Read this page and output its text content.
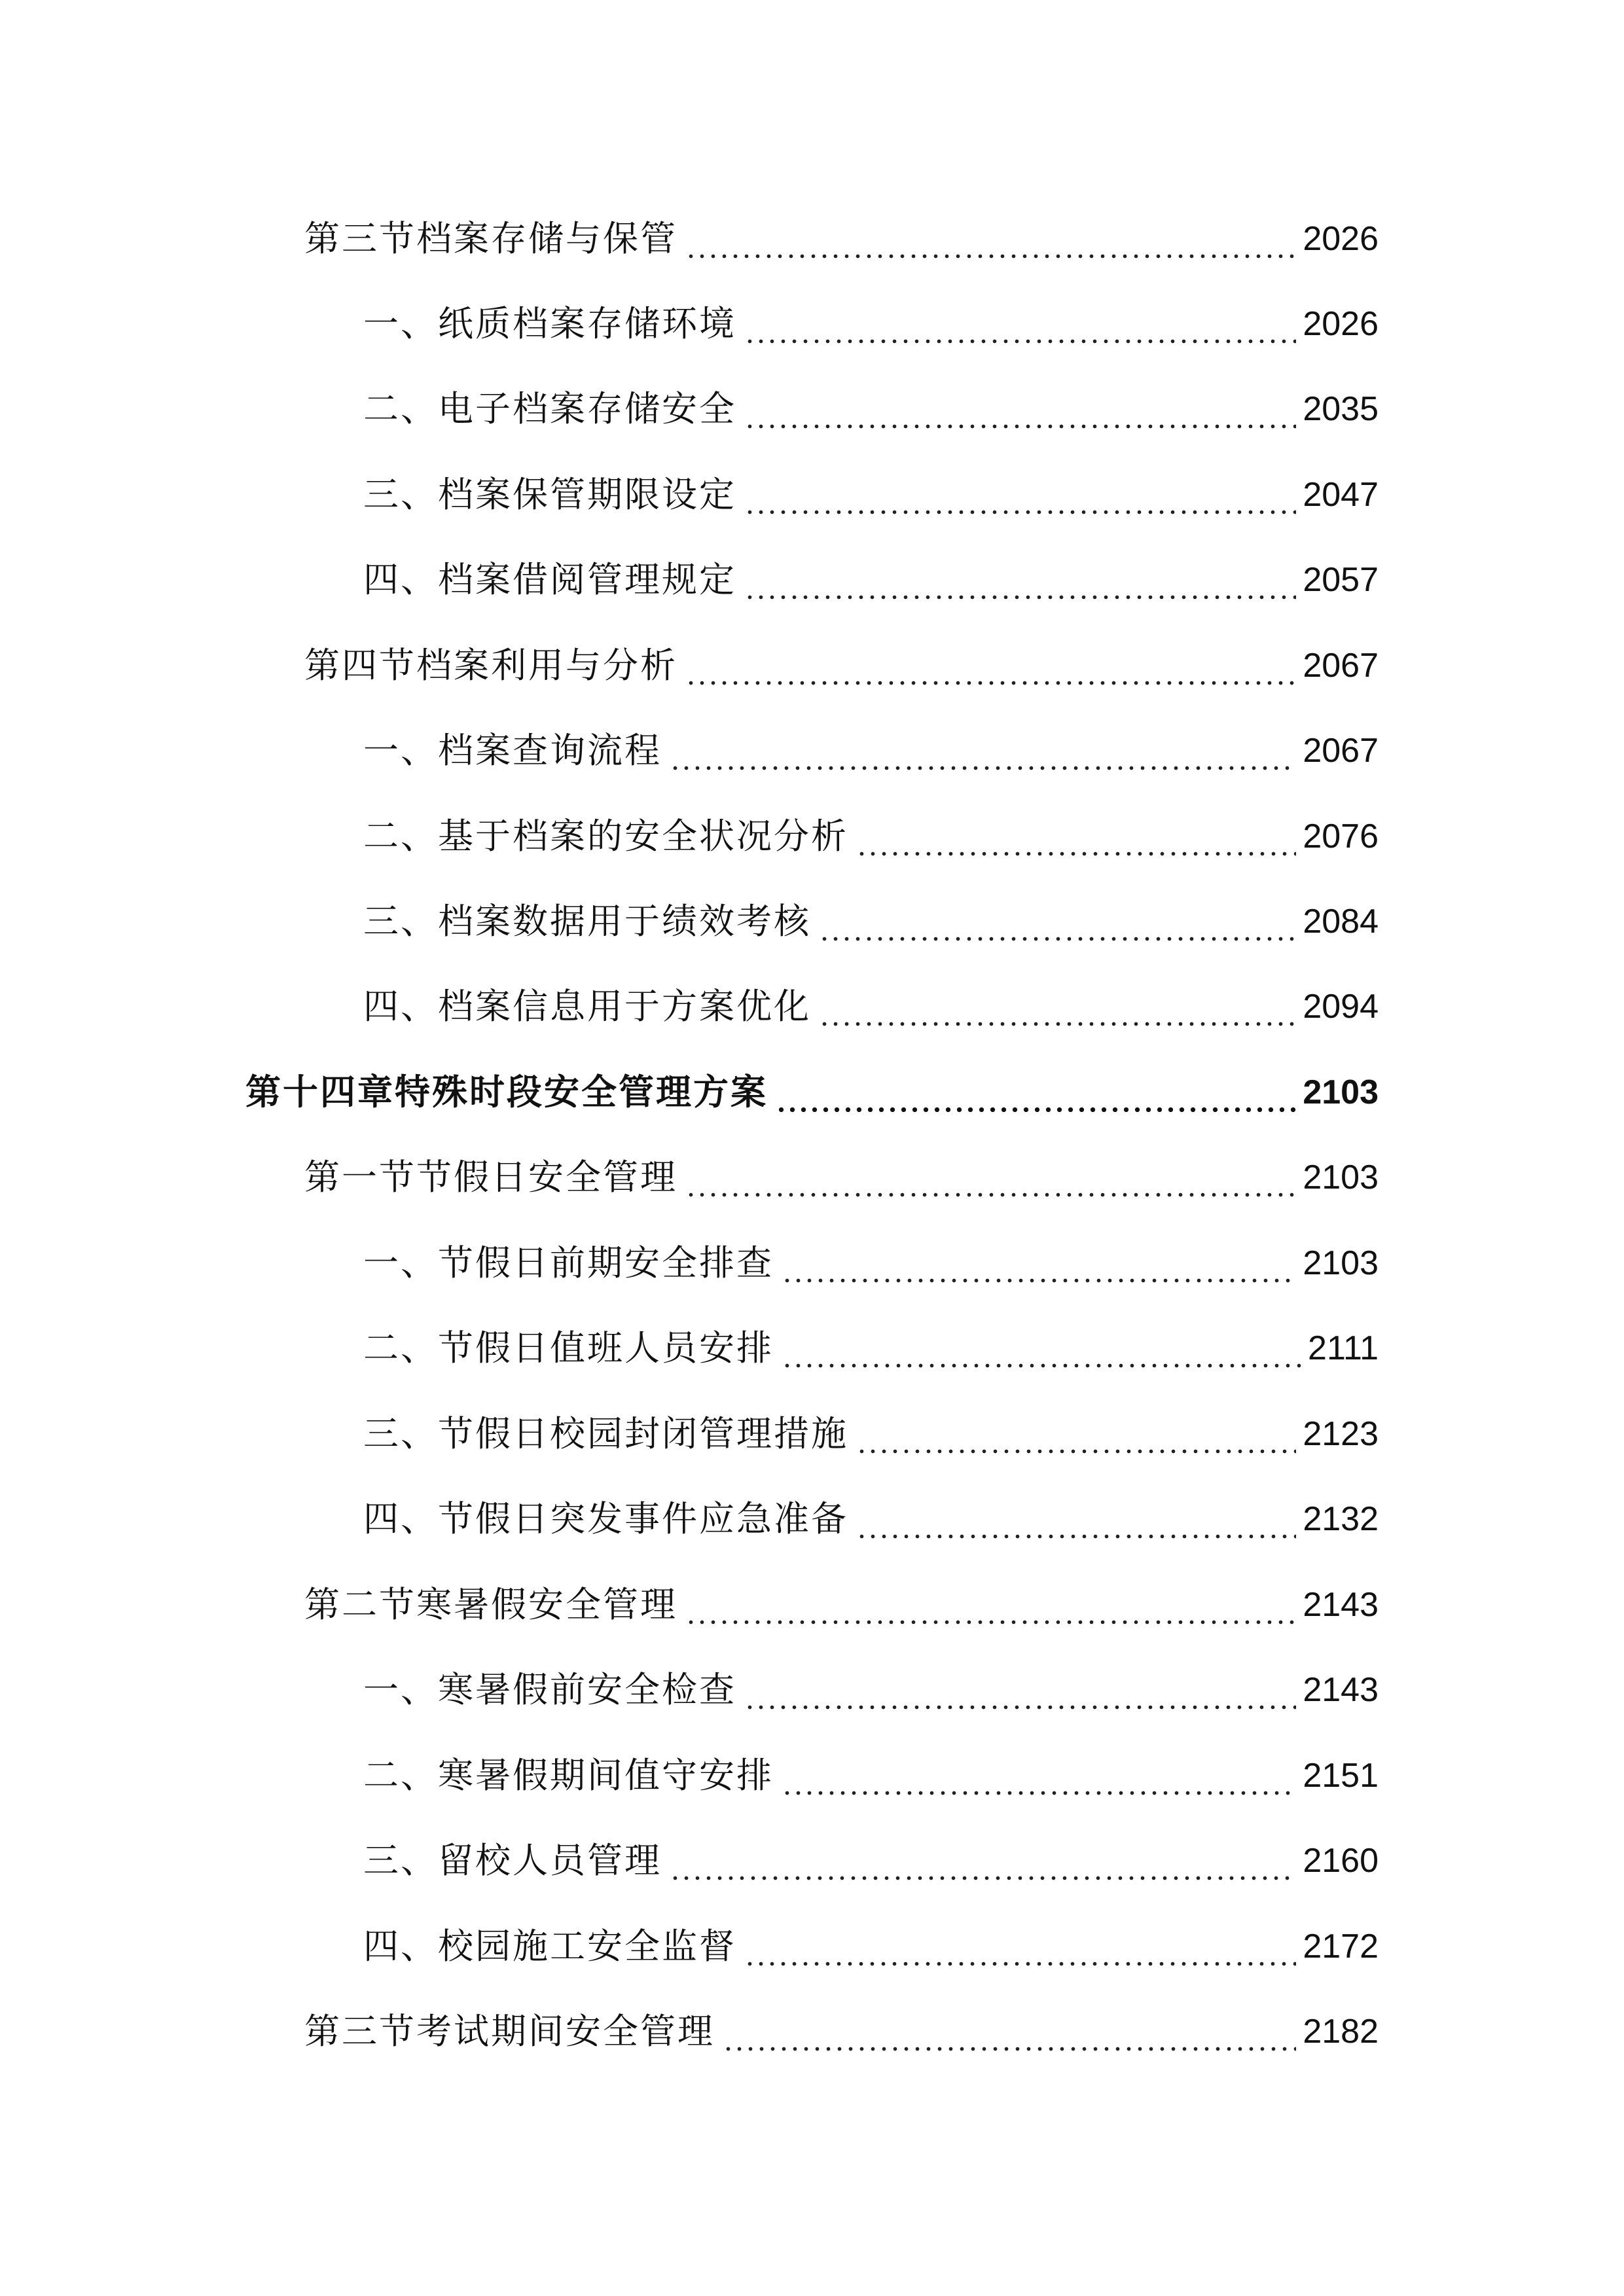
第三节档案存储与保管	2026
一、纸质档案存储环境	2026
二、电子档案存储安全	2035
三、档案保管期限设定	2047
四、档案借阅管理规定	2057
第四节档案利用与分析	2067
一、档案查询流程	2067
二、基于档案的安全状况分析	2076
三、档案数据用于绩效考核	2084
四、档案信息用于方案优化	2094
第十四章特殊时段安全管理方案	2103
第一节节假日安全管理	2103
一、节假日前期安全排查	2103
二、节假日值班人员安排	2111
三、节假日校园封闭管理措施	2123
四、节假日突发事件应急准备	2132
第二节寒暑假安全管理	2143
一、寒暑假前安全检查	2143
二、寒暑假期间值守安排	2151
三、留校人员管理	2160
四、校园施工安全监督	2172
第三节考试期间安全管理	2182
